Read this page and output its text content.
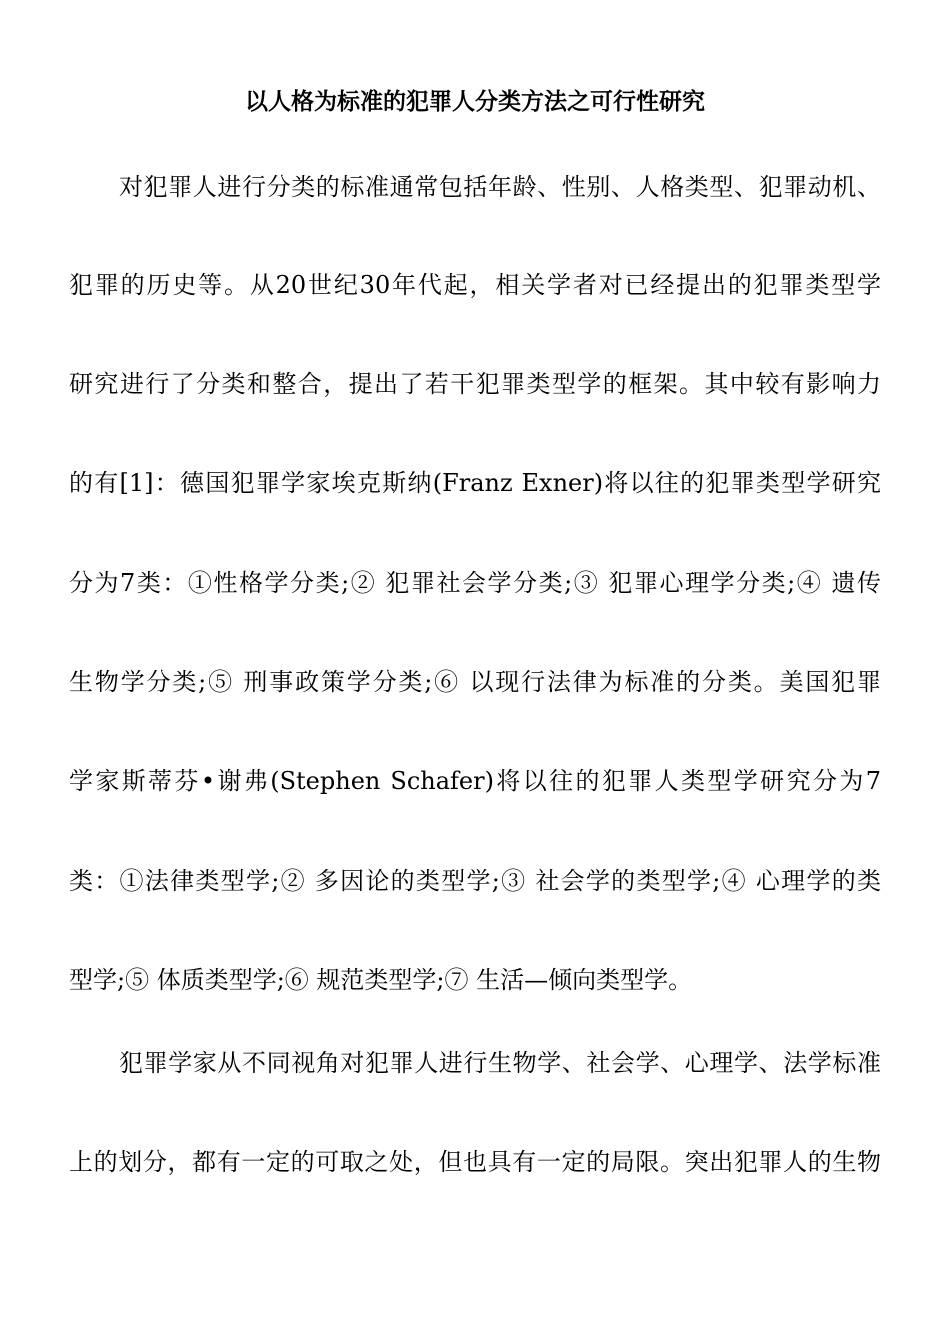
以人格为标准的犯罪人分类方法之可行性研究
对犯罪人进行分类的标准通常包括年龄、性别、人格类型、犯罪动机、
犯罪的历史等。从20世纪30年代起，相关学者对已经提出的犯罪类型学
研究进行了分类和整合，提出了若干犯罪类型学的框架。其中较有影响力
的有[1]：德国犯罪学家埃克斯纳(Franz Exner)将以往的犯罪类型学研究
分为7类：①性格学分类;② 犯罪社会学分类;③ 犯罪心理学分类;④ 遗传
生物学分类;⑤ 刑事政策学分类;⑥ 以现行法律为标准的分类。美国犯罪
学家斯蒂芬•谢弗(Stephen Schafer)将以往的犯罪人类型学研究分为7
类：①法律类型学;② 多因论的类型学;③ 社会学的类型学;④ 心理学的类
型学;⑤ 体质类型学;⑥ 规范类型学;⑦ 生活—倾向类型学。
犯罪学家从不同视角对犯罪人进行生物学、社会学、心理学、法学标准
上的划分，都有一定的可取之处，但也具有一定的局限。突出犯罪人的生物
